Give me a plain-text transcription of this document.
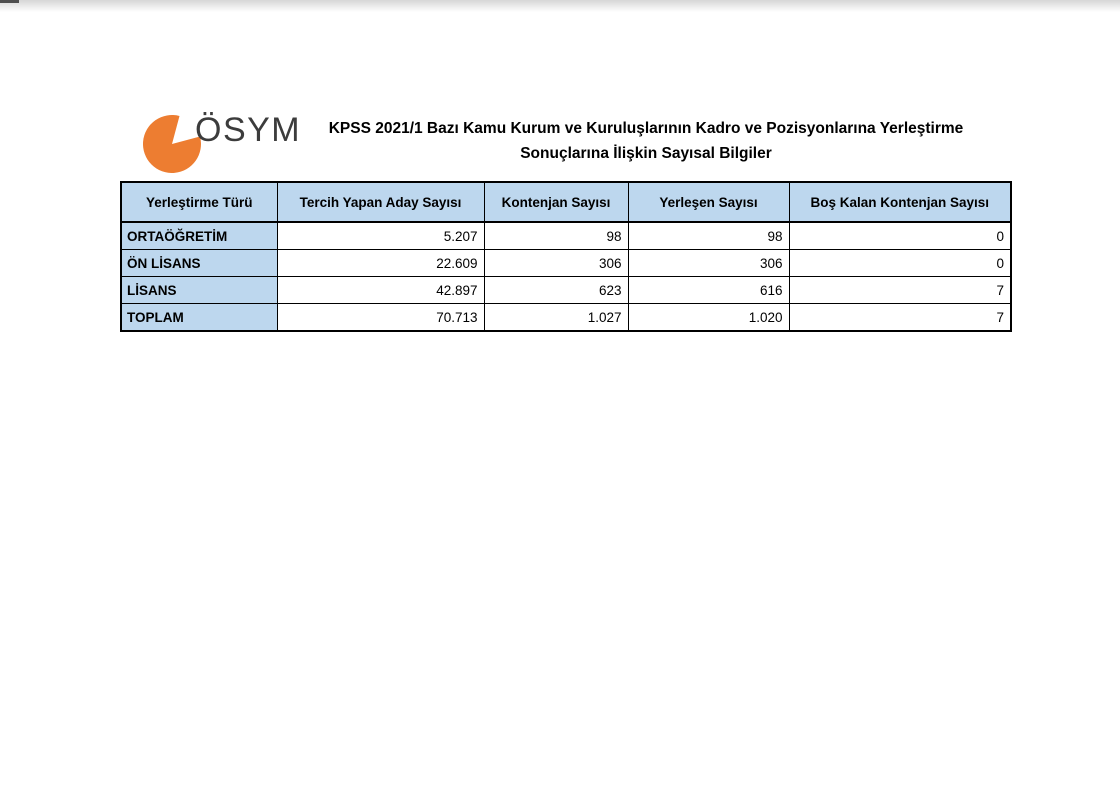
ÖSYM	KPSS 2021/1 Bazı Kamu Kurum ve Kuruluşlarının Kadro ve Pozisyonlarına Yerleştirme
Sonuçlarına İlişkin Sayısal Bilgiler
Yerleştirme Türü	Tercih Yapan Aday Sayısı	Kontenjan Sayısı	Yerleşen Sayısı	Boş Kalan Kontenjan Sayısı
ORTAÖĞRETİM	5.207	98	98	0
ÖN LİSANS	22.609	306	306	0
LİSANS	42.897	623	616	7
TOPLAM	70.713	1.027	1.020	7
